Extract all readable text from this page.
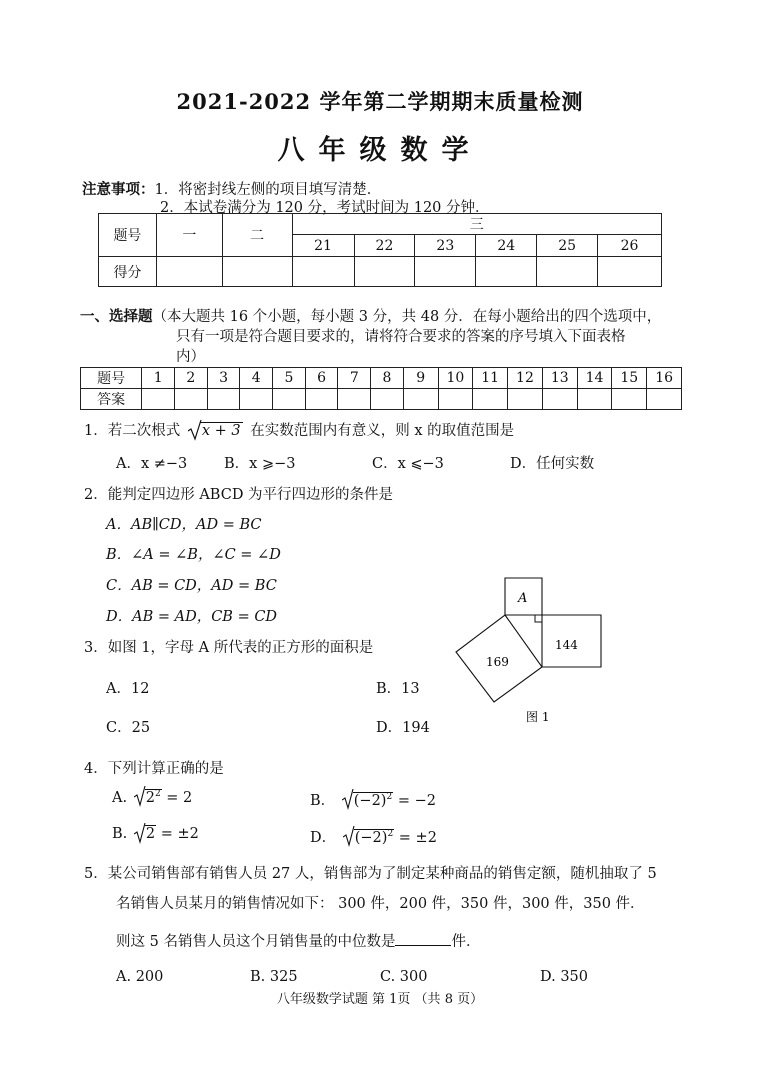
2021-2022 学年第二学期期末质量检测
八年级数学
注意事项：1．将密封线左侧的项目填写清楚．
2．本试卷满分为 120 分，考试时间为 120 分钟．
题号	一	二	三					
			21	22	23	24	25	26
得分								
一、选择题（本大题共 16 个小题，每小题 3 分，共 48 分．在每小题给出的四个选项中，
只有一项是符合题目要求的，请将符合要求的答案的序号填入下面表格
内）
题号	1	2	3	4	5	6	7	8	9	10	11	12	13	14	15	16
答案																
1．若二次根式 x + 3 在实数范围内有意义，则 x 的取值范围是
A．x ≠−3	B．x ⩾−3	C．x ⩽−3	D．任何实数
2．能判定四边形 ABCD 为平行四边形的条件是
A．AB∥CD，AD = BC
B．∠A = ∠B，∠C = ∠D
C．AB = CD，AD = BC
D．AB = AD，CB = CD
3．如图 1，字母 A 所代表的正方形的面积是
A．12	B．13
C．25	D．194
A
144
169
图 1
4．下列计算正确的是
A. $2^2 = 2$	B． $(-2)^2 = -2$
B. 2 = ±2	D． $(-2)^2 = \pm 2$
5．某公司销售部有销售人员 27 人，销售部为了制定某种商品的销售定额，随机抽取了 5
名销售人员某月的销售情况如下： 300 件，200 件，350 件，300 件，350 件．
则这 5 名销售人员这个月销售量的中位数是	件．
A. 200	B. 325	C. 300	D. 350
八年级数学试题 第 1页 （共 8 页）
